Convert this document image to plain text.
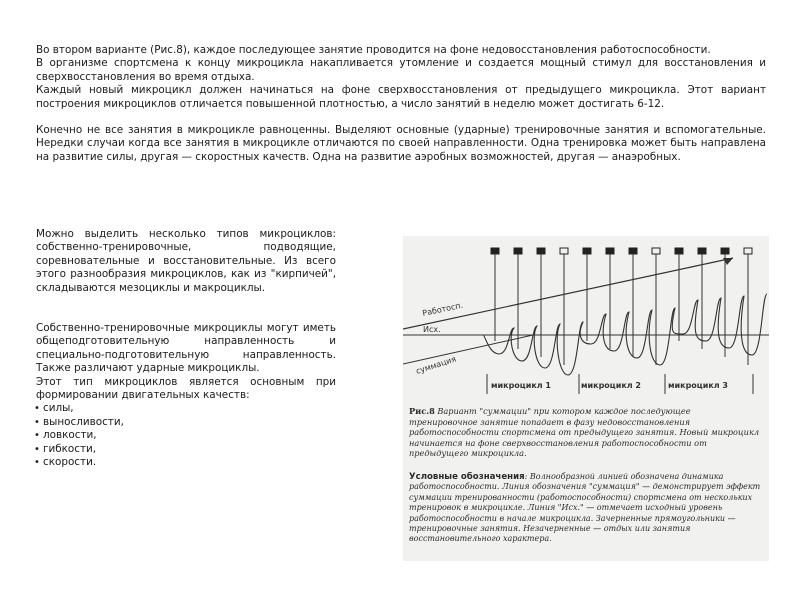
Во втором варианте (Рис.8), каждое последующее занятие проводится на фоне недовосстановления работоспособности.

В организме спортсмена к концу микроцикла накапливается утомление и создается мощный стимул для восстановления и сверхвосстановления во время отдыха.

Каждый новый микроцикл должен начинаться на фоне сверхвосстановления от предыдущего микроцикла. Этот вариант построения микроциклов отличается повышенной плотностью, а число занятий в неделю может достигать 6-12.

Конечно не все занятия в микроцикле равноценны. Выделяют основные (ударные) тренировочные занятия и вспомогательные. Нередки случаи когда все занятия в микроцикле отличаются по своей направленности. Одна тренировка может быть направлена на развитие силы, другая — скоростных качеств. Одна на развитие аэробных возможностей, другая — анаэробных.

Можно выделить несколько типов микроциклов: собственно-тренировочные, подводящие, соревновательные и восстановительные. Из всего этого разнообразия микроциклов, как из "кирпичей", складываются мезоциклы и макроциклы.

Собственно-тренировочные микроциклы могут иметь общеподготовительную направленность и специально-подготовительную направленность. Также различают ударные микроциклы.

Этот тип микроциклов является основным при формировании двигательных качеств:

• силы,
• выносливости,
• ловкости,
• гибкости,
• скорости.
Работосп.
Исх.
суммация
микроцикл 1	микроцикл 2	микроцикл 3
Рис.8 Вариант "суммации" при котором каждое последующее тренировочное занятие попадает в фазу недовосстановления работоспособности спортсмена от предыдущего занятия. Новый микроцикл начинается на фоне сверхвосстановления работоспособности от предыдущего микроцикла.
Условные обозначения: Волнообразной линией обозначена динамика работоспособности. Линия обозначения "суммация" — демонстрирует эффект суммации тренированности (работоспособности) спортсмена от нескольких тренировок в микроцикле. Линия "Исх." — отмечает исходный уровень работоспособности в начале микроцикла. Зачерненные прямоугольники — тренировочные занятия. Незачерненные — отдых или занятия восстановительного характера.
